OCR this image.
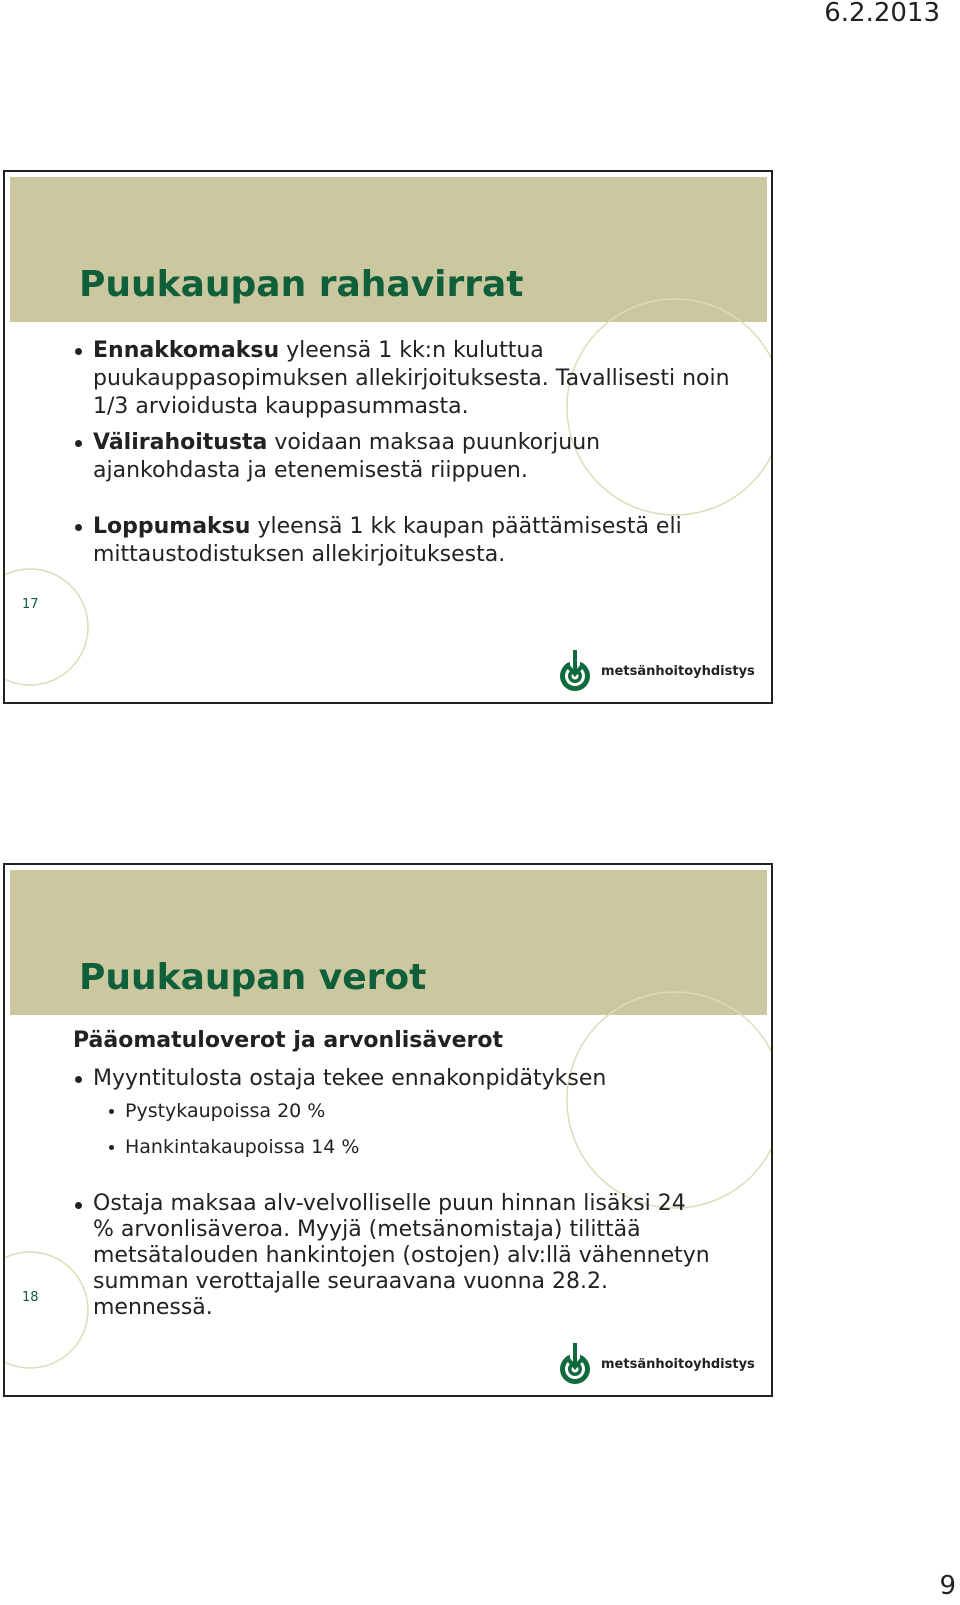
6.2.2013
Puukaupan rahavirrat
17
Ennakkomaksu yleensä 1 kk:n kuluttua puukauppasopimuksen allekirjoituksesta. Tavallisesti noin 1/3 arvioidusta kauppasummasta.
Välirahoitusta voidaan maksaa puunkorjuun ajankohdasta ja etenemisestä riippuen.
Loppumaksu yleensä 1 kk kaupan päättämisestä eli mittaustodistuksen allekirjoituksesta.
metsänhoitoyhdistys
Puukaupan verot
18
Pääomatuloverot ja arvonlisäverot
Myyntitulosta ostaja tekee ennakonpidätyksen
Pystykaupoissa 20 %
Hankintakaupoissa 14 %
Ostaja maksaa alv-velvolliselle puun hinnan lisäksi 24 % arvonlisäveroa. Myyjä (metsänomistaja) tilittää metsätalouden hankintojen (ostojen) alv:llä vähennetyn summan verottajalle seuraavana vuonna 28.2. mennessä.
metsänhoitoyhdistys
9
